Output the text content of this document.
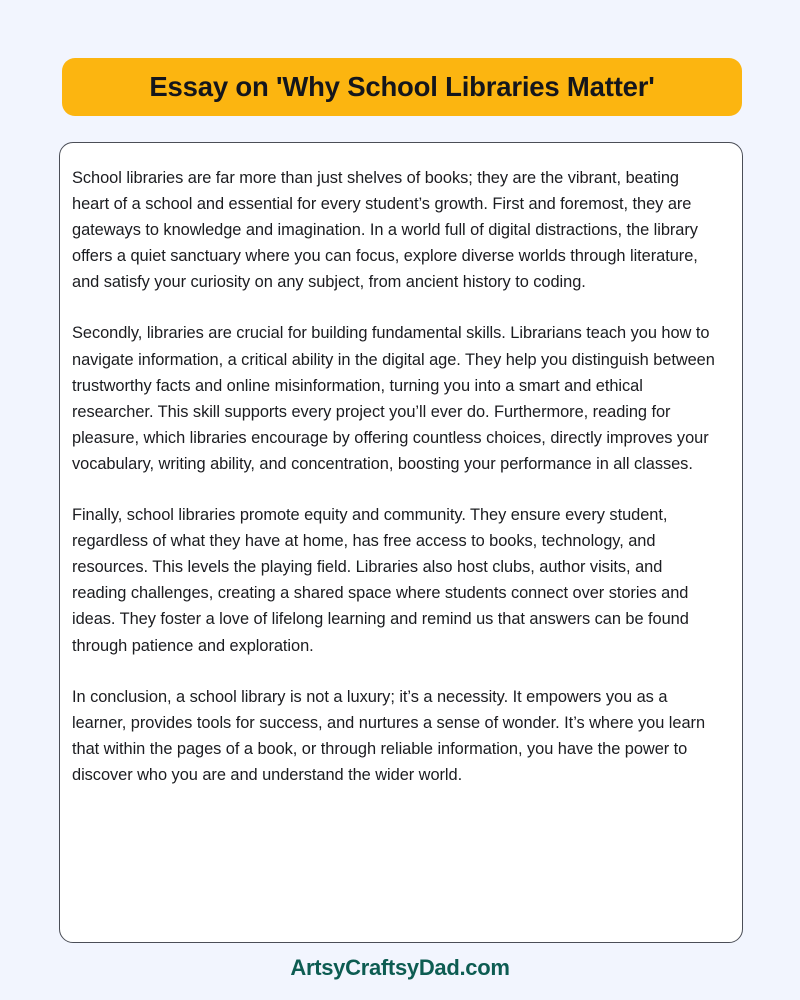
Essay on 'Why School Libraries Matter'

School libraries are far more than just shelves of books; they are the vibrant, beating heart of a school and essential for every student’s growth. First and foremost, they are gateways to knowledge and imagination. In a world full of digital distractions, the library offers a quiet sanctuary where you can focus, explore diverse worlds through literature, and satisfy your curiosity on any subject, from ancient history to coding.

Secondly, libraries are crucial for building fundamental skills. Librarians teach you how to navigate information, a critical ability in the digital age. They help you distinguish between trustworthy facts and online misinformation, turning you into a smart and ethical researcher. This skill supports every project you’ll ever do. Furthermore, reading for pleasure, which libraries encourage by offering countless choices, directly improves your vocabulary, writing ability, and concentration, boosting your performance in all classes.

Finally, school libraries promote equity and community. They ensure every student, regardless of what they have at home, has free access to books, technology, and resources. This levels the playing field. Libraries also host clubs, author visits, and reading challenges, creating a shared space where students connect over stories and ideas. They foster a love of lifelong learning and remind us that answers can be found through patience and exploration.

In conclusion, a school library is not a luxury; it’s a necessity. It empowers you as a learner, provides tools for success, and nurtures a sense of wonder. It’s where you learn that within the pages of a book, or through reliable information, you have the power to discover who you are and understand the wider world.

ArtsyCraftsyDad.com
